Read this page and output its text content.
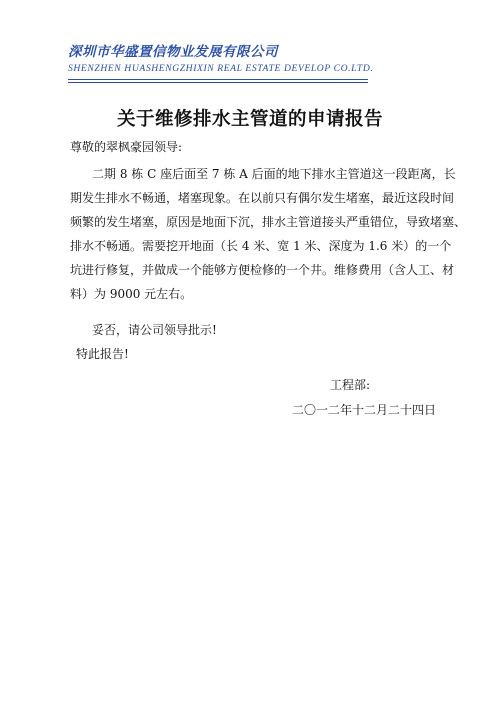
深圳市华盛置信物业发展有限公司
SHENZHEN HUASHENGZHIXIN REAL ESTATE DEVELOP CO.LTD.
关于维修排水主管道的申请报告
尊敬的翠枫豪园领导:
二期 8 栋 C 座后面至 7 栋 A 后面的地下排水主管道这一段距离，长
期发生排水不畅通，堵塞现象。在以前只有偶尔发生堵塞，最近这段时间
频繁的发生堵塞，原因是地面下沉，排水主管道接头严重错位，导致堵塞、
排水不畅通。需要挖开地面（长 4 米、宽 1 米、深度为 1.6 米）的一个
坑进行修复，并做成一个能够方便检修的一个井。维修费用（含人工、材
料）为 9000 元左右。
妥否，请公司领导批示!
特此报告!
工程部:
二〇一二年十二月二十四日
